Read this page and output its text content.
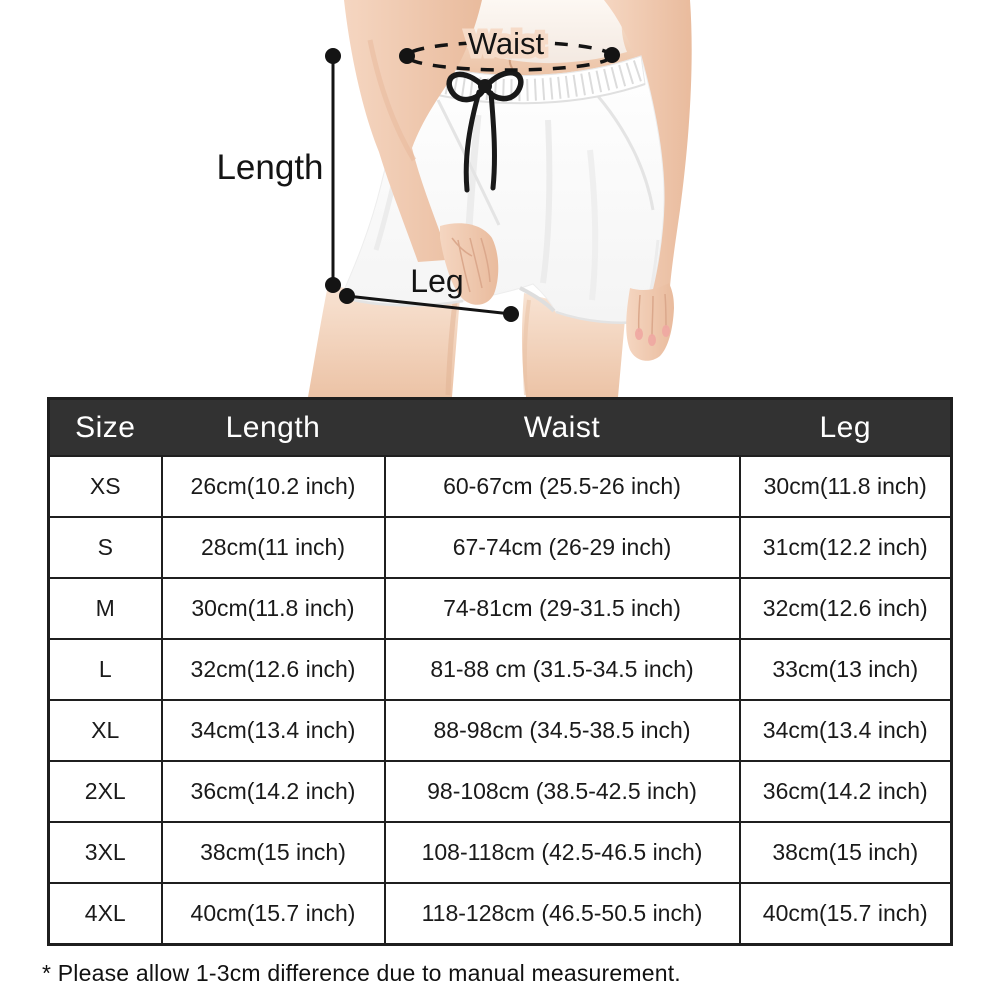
Waist
Length
Leg
Size	Length	Waist	Leg
XS	26cm(10.2 inch)	60-67cm (25.5-26 inch)	30cm(11.8 inch)
S	28cm(11 inch)	67-74cm (26-29 inch)	31cm(12.2 inch)
M	30cm(11.8 inch)	74-81cm (29-31.5 inch)	32cm(12.6 inch)
L	32cm(12.6 inch)	81-88 cm (31.5-34.5 inch)	33cm(13 inch)
XL	34cm(13.4 inch)	88-98cm (34.5-38.5 inch)	34cm(13.4 inch)
2XL	36cm(14.2 inch)	98-108cm (38.5-42.5 inch)	36cm(14.2 inch)
3XL	38cm(15 inch)	108-118cm (42.5-46.5 inch)	38cm(15 inch)
4XL	40cm(15.7 inch)	118-128cm (46.5-50.5 inch)	40cm(15.7 inch)
* Please allow 1-3cm difference due to manual measurement.
